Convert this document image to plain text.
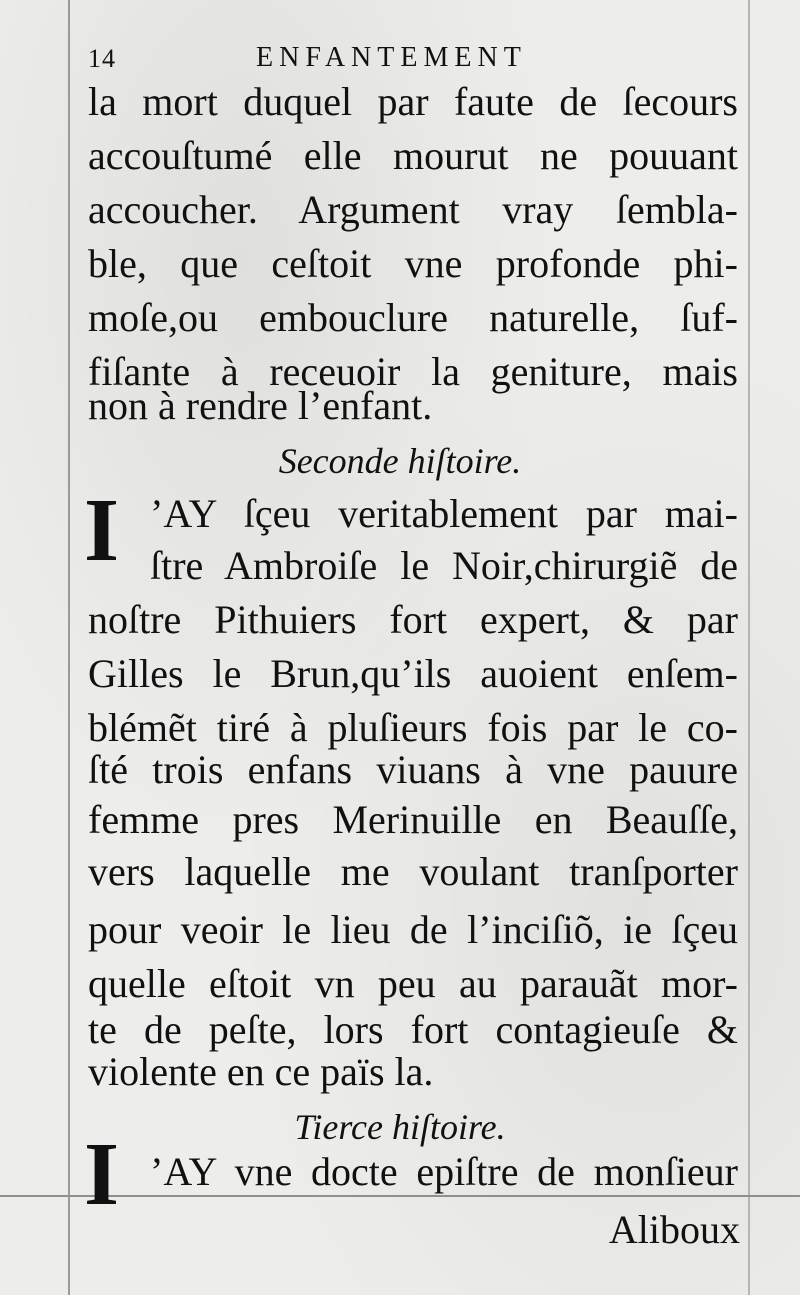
14	ENFANTEMENT
la mort duquel par faute de ſecours
accouſtumé elle mourut ne pouuant
accoucher. Argument vray ſembla-
ble, que ceſtoit vne profonde phi-
moſe,ou embouclure naturelle, ſuf-
fiſante à receuoir la geniture, mais
non à rendre l’enfant.
Seconde hiſtoire.
I ’AY ſçeu veritablement par mai-
ſtre Ambroiſe le Noir,chirurgiẽ de
noſtre Pithuiers fort expert, & par
Gilles le Brun,qu’ils auoient enſem-
blémẽt tiré à pluſieurs fois par le co-
ſté trois enfans viuans à vne pauure
femme pres Merinuille en Beauſſe,
vers laquelle me voulant tranſporter
pour veoir le lieu de l’inciſiõ, ie ſçeu
quelle eſtoit vn peu au parauãt mor-
te de peſte, lors fort contagieuſe &
violente en ce païs la.
Tierce hiſtoire.
I ’AY vne docte epiſtre de monſieur
Aliboux
